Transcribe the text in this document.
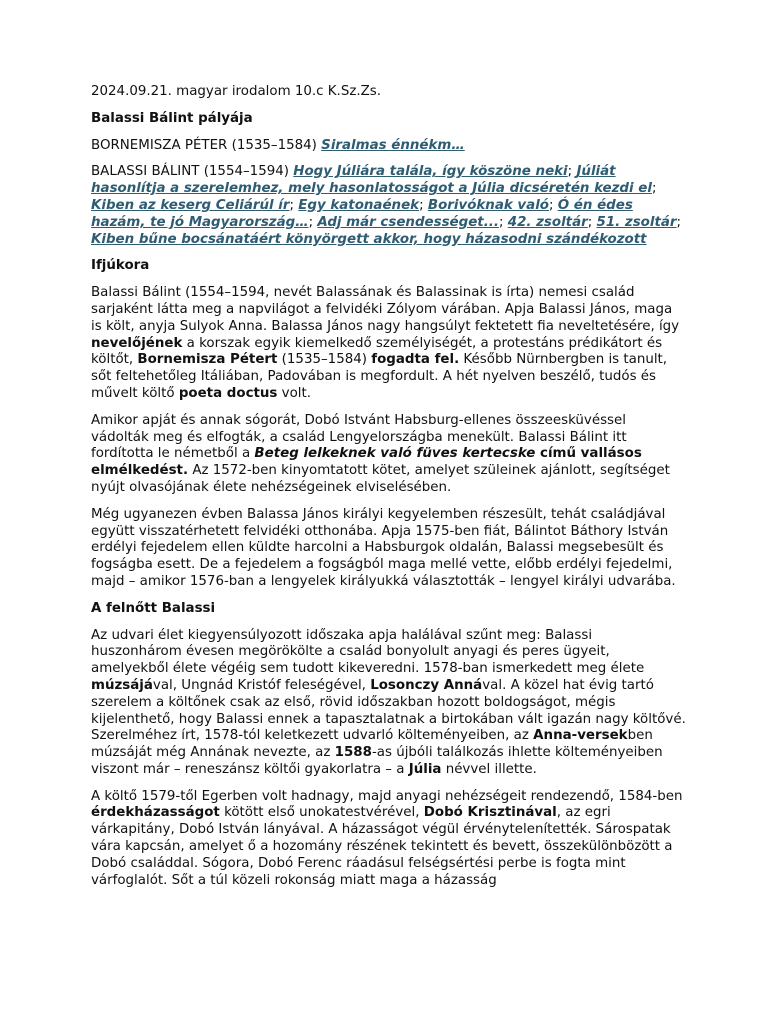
2024.09.21. magyar irodalom 10.c K.Sz.Zs.

Balassi Bálint pályája

BORNEMISZA PÉTER (1535–1584) Siralmas énnékm…

BALASSI BÁLINT (1554–1594) Hogy Júliára talála, így köszöne neki; Júliát hasonlítja a szerelemhez, mely hasonlatosságot a Júlia dicséretén kezdi el; Kiben az keserg Celiárúl ír; Egy katonaének; Borivóknak való; Ó én édes hazám, te jó Magyarország…; Adj már csendességet...; 42. zsoltár; 51. zsoltár; Kiben bűne bocsánatáért könyörgett akkor, hogy házasodni szándékozott

Ifjúkora

Balassi Bálint (1554–1594, nevét Balassának és Balassinak is írta) nemesi család sarjaként látta meg a napvilágot a felvidéki Zólyom várában. Apja Balassi János, maga is költ, anyja Sulyok Anna. Balassa János nagy hangsúlyt fektetett fia neveltetésére, így nevelőjének a korszak egyik kiemelkedő személyiségét, a protestáns prédikátort és költőt, Bornemisza Pétert (1535–1584) fogadta fel. Később Nürnbergben is tanult, sőt feltehetőleg Itáliában, Padovában is megfordult. A hét nyelven beszélő, tudós és művelt költő poeta doctus volt.

Amikor apját és annak sógorát, Dobó Istvánt Habsburg-ellenes összeesküvéssel vádolták meg és elfogták, a család Lengyelországba menekült. Balassi Bálint itt fordította le németből a Beteg lelkeknek való füves kertecske című vallásos elmélkedést. Az 1572-ben kinyomtatott kötet, amelyet szüleinek ajánlott, segítséget nyújt olvasójának élete nehézségeinek elviselésében.

Még ugyanezen évben Balassa János királyi kegyelemben részesült, tehát családjával együtt visszatérhetett felvidéki otthonába. Apja 1575-ben fiát, Bálintot Báthory István erdélyi fejedelem ellen küldte harcolni a Habsburgok oldalán, Balassi megsebesült és fogságba esett. De a fejedelem a fogságból maga mellé vette, előbb erdélyi fejedelmi, majd – amikor 1576-ban a lengyelek királyukká választották – lengyel királyi udvarába.

A felnőtt Balassi

Az udvari élet kiegyensúlyozott időszaka apja halálával szűnt meg: Balassi huszonhárom évesen megörökölte a család bonyolult anyagi és peres ügyeit, amelyekből élete végéig sem tudott kikeveredni. 1578-ban ismerkedett meg élete múzsájával, Ungnád Kristóf feleségével, Losonczy Annával. A közel hat évig tartó szerelem a költőnek csak az első, rövid időszakban hozott boldogságot, mégis kijelenthető, hogy Balassi ennek a tapasztalatnak a birtokában vált igazán nagy költővé. Szerelméhez írt, 1578-tól keletkezett udvarló költeményeiben, az Anna-versekben múzsáját még Annának nevezte, az 1588-as újbóli találkozás ihlette költeményeiben viszont már – reneszánsz költői gyakorlatra – a Júlia névvel illette.

A költő 1579-től Egerben volt hadnagy, majd anyagi nehézségeit rendezendő, 1584-ben érdekházasságot kötött első unokatestvérével, Dobó Krisztinával, az egri várkapitány, Dobó István lányával. A házasságot végül érvénytelenítették. Sárospatak vára kapcsán, amelyet ő a hozomány részének tekintett és bevett, összekülönbözött a Dobó családdal. Sógora, Dobó Ferenc ráadásul felségsértési perbe is fogta mint várfoglalót. Sőt a túl közeli rokonság miatt maga a házasság
